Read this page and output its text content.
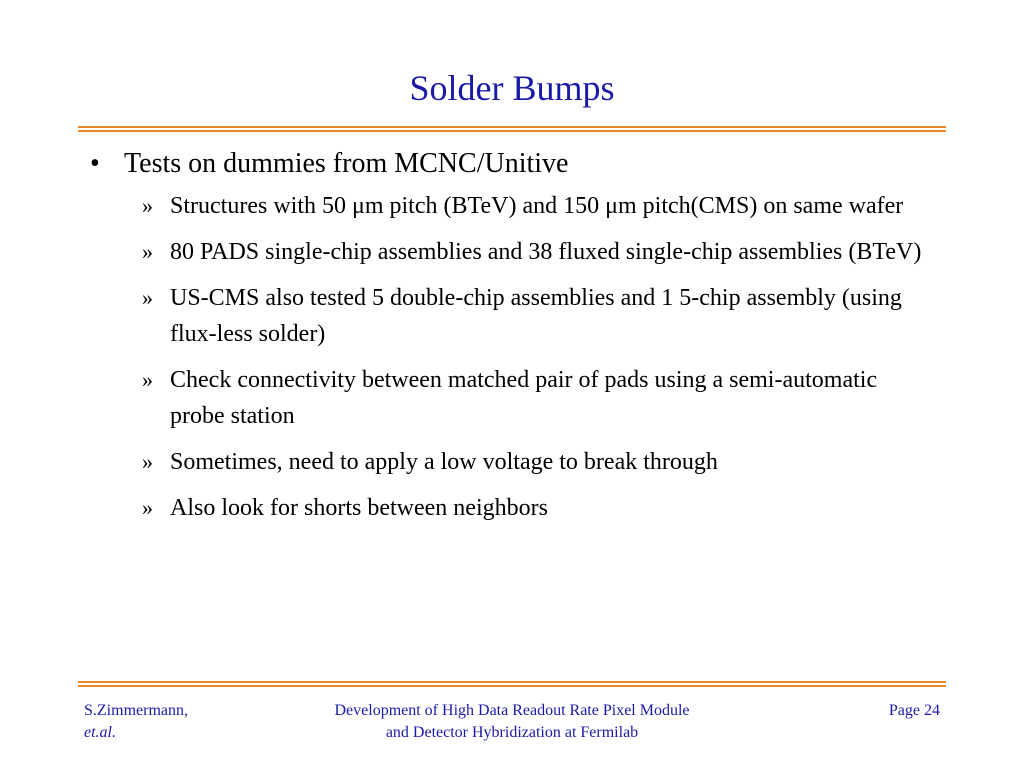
Solder Bumps
• Tests on dummies from MCNC/Unitive
» Structures with 50 μm pitch (BTeV) and 150 μm pitch(CMS) on same wafer
» 80 PADS single-chip assemblies and 38 fluxed single-chip assemblies (BTeV)
» US-CMS also tested 5 double-chip assemblies and 1 5-chip assembly (using flux-less solder)
» Check connectivity between matched pair of pads using a semi-automatic probe station
» Sometimes, need to apply a low voltage to break through
» Also look for shorts between neighbors
S.Zimmermann,
et.al.
Development of High Data Readout Rate Pixel Module
and Detector Hybridization at Fermilab
Page 24
